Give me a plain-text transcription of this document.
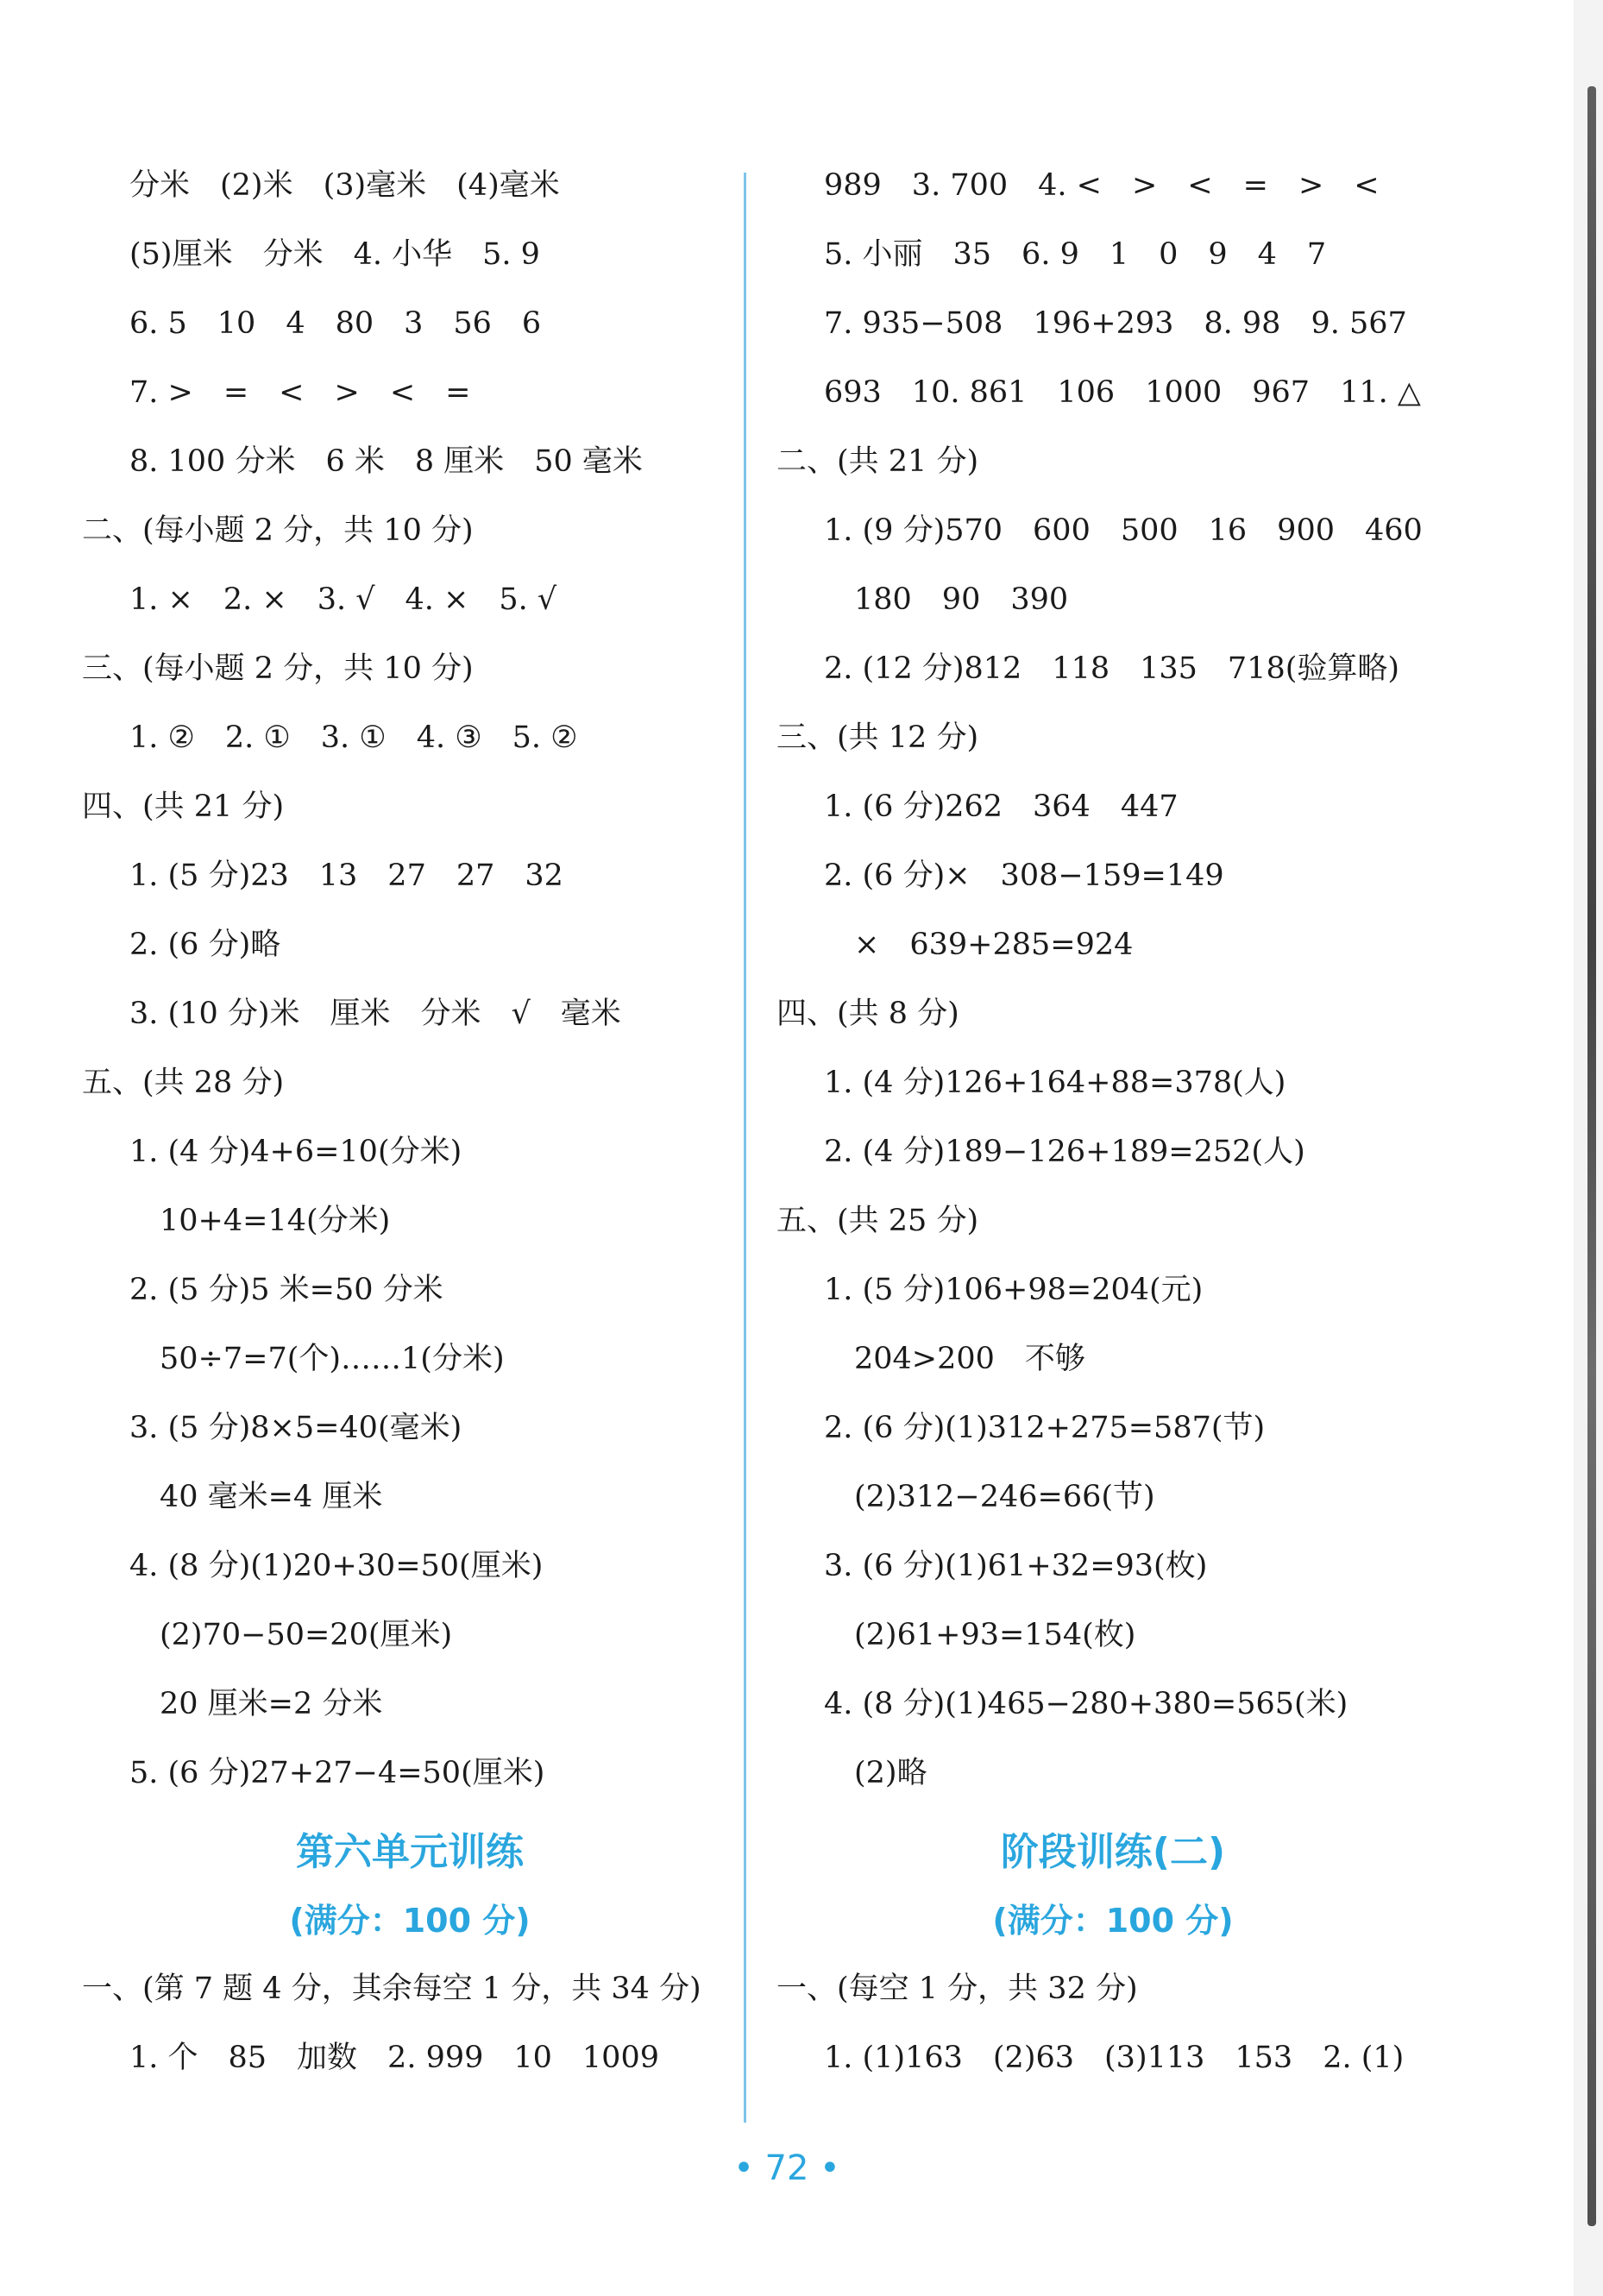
分米　(2)米　(3)毫米　(4)毫米
(5)厘米　分米　4. 小华　5. 9
6. 5　10　4　80　3　56　6
7. >　=　<　>　<　=
8. 100 分米　6 米　8 厘米　50 毫米
二、(每小题 2 分，共 10 分)
1. ×　2. ×　3. √　4. ×　5. √
三、(每小题 2 分，共 10 分)
1. ②　2. ①　3. ①　4. ③　5. ②
四、(共 21 分)
1. (5 分)23　13　27　27　32
2. (6 分)略
3. (10 分)米　厘米　分米　√　毫米
五、(共 28 分)
1. (4 分)4+6=10(分米)
10+4=14(分米)
2. (5 分)5 米=50 分米
50÷7=7(个)……1(分米)
3. (5 分)8×5=40(毫米)
40 毫米=4 厘米
4. (8 分)(1)20+30=50(厘米)
(2)70−50=20(厘米)
20 厘米=2 分米
5. (6 分)27+27−4=50(厘米)
第六单元训练
(满分：100 分)
一、(第 7 题 4 分，其余每空 1 分，共 34 分)
1. 个　85　加数　2. 999　10　1009
989　3. 700　4. <　>　<　=　>　<
5. 小丽　35　6. 9　1　0　9　4　7
7. 935−508　196+293　8. 98　9. 567
693　10. 861　106　1000　967　11. △
二、(共 21 分)
1. (9 分)570　600　500　16　900　460
180　90　390
2. (12 分)812　118　135　718(验算略)
三、(共 12 分)
1. (6 分)262　364　447
2. (6 分)×　308−159=149
×　639+285=924
四、(共 8 分)
1. (4 分)126+164+88=378(人)
2. (4 分)189−126+189=252(人)
五、(共 25 分)
1. (5 分)106+98=204(元)
204>200　不够
2. (6 分)(1)312+275=587(节)
(2)312−246=66(节)
3. (6 分)(1)61+32=93(枚)
(2)61+93=154(枚)
4. (8 分)(1)465−280+380=565(米)
(2)略
阶段训练(二)
(满分：100 分)
一、(每空 1 分，共 32 分)
1. (1)163　(2)63　(3)113　153　2. (1)
• 72 •
